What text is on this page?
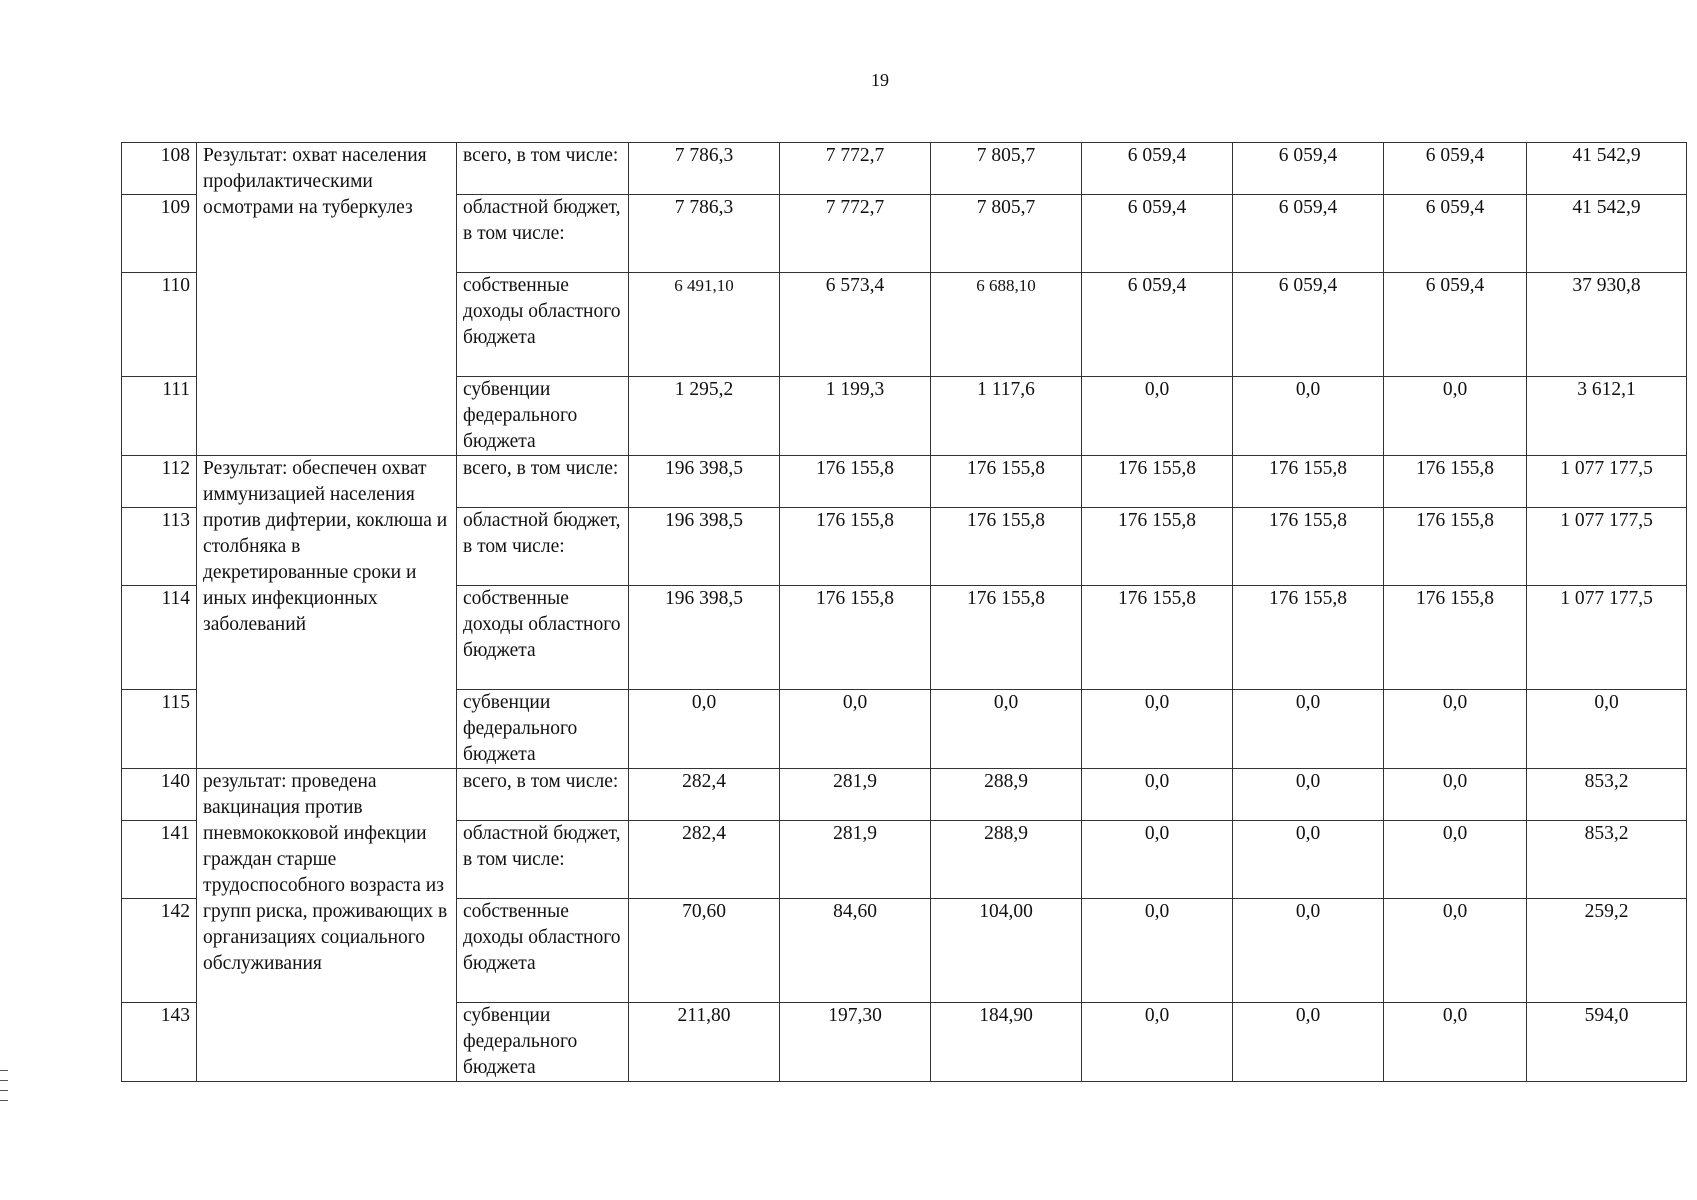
19
108	Результат: охват населения профилактическими осмотрами на туберкулез	всего, в том числе:	7 786,3	7 772,7	7 805,7	6 059,4	6 059,4	6 059,4	41 542,9
109		областной бюджет, в том числе:	7 786,3	7 772,7	7 805,7	6 059,4	6 059,4	6 059,4	41 542,9
110		собственные доходы областного бюджета	6 491,10	6 573,4	6 688,10	6 059,4	6 059,4	6 059,4	37 930,8
111		субвенции федерального бюджета	1 295,2	1 199,3	1 117,6	0,0	0,0	0,0	3 612,1
112	Результат: обеспечен охват иммунизацией населения против дифтерии, коклюша и столбняка в декретированные сроки и иных инфекционных заболеваний	всего, в том числе:	196 398,5	176 155,8	176 155,8	176 155,8	176 155,8	176 155,8	1 077 177,5
113		областной бюджет, в том числе:	196 398,5	176 155,8	176 155,8	176 155,8	176 155,8	176 155,8	1 077 177,5
114		собственные доходы областного бюджета	196 398,5	176 155,8	176 155,8	176 155,8	176 155,8	176 155,8	1 077 177,5
115		субвенции федерального бюджета	0,0	0,0	0,0	0,0	0,0	0,0	0,0
140	результат: проведена вакцинация против пневмококковой инфекции граждан старше трудоспособного возраста из групп риска, проживающих в организациях социального обслуживания	всего, в том числе:	282,4	281,9	288,9	0,0	0,0	0,0	853,2
141		областной бюджет, в том числе:	282,4	281,9	288,9	0,0	0,0	0,0	853,2
142		собственные доходы областного бюджета	70,60	84,60	104,00	0,0	0,0	0,0	259,2
143		субвенции федерального бюджета	211,80	197,30	184,90	0,0	0,0	0,0	594,0
